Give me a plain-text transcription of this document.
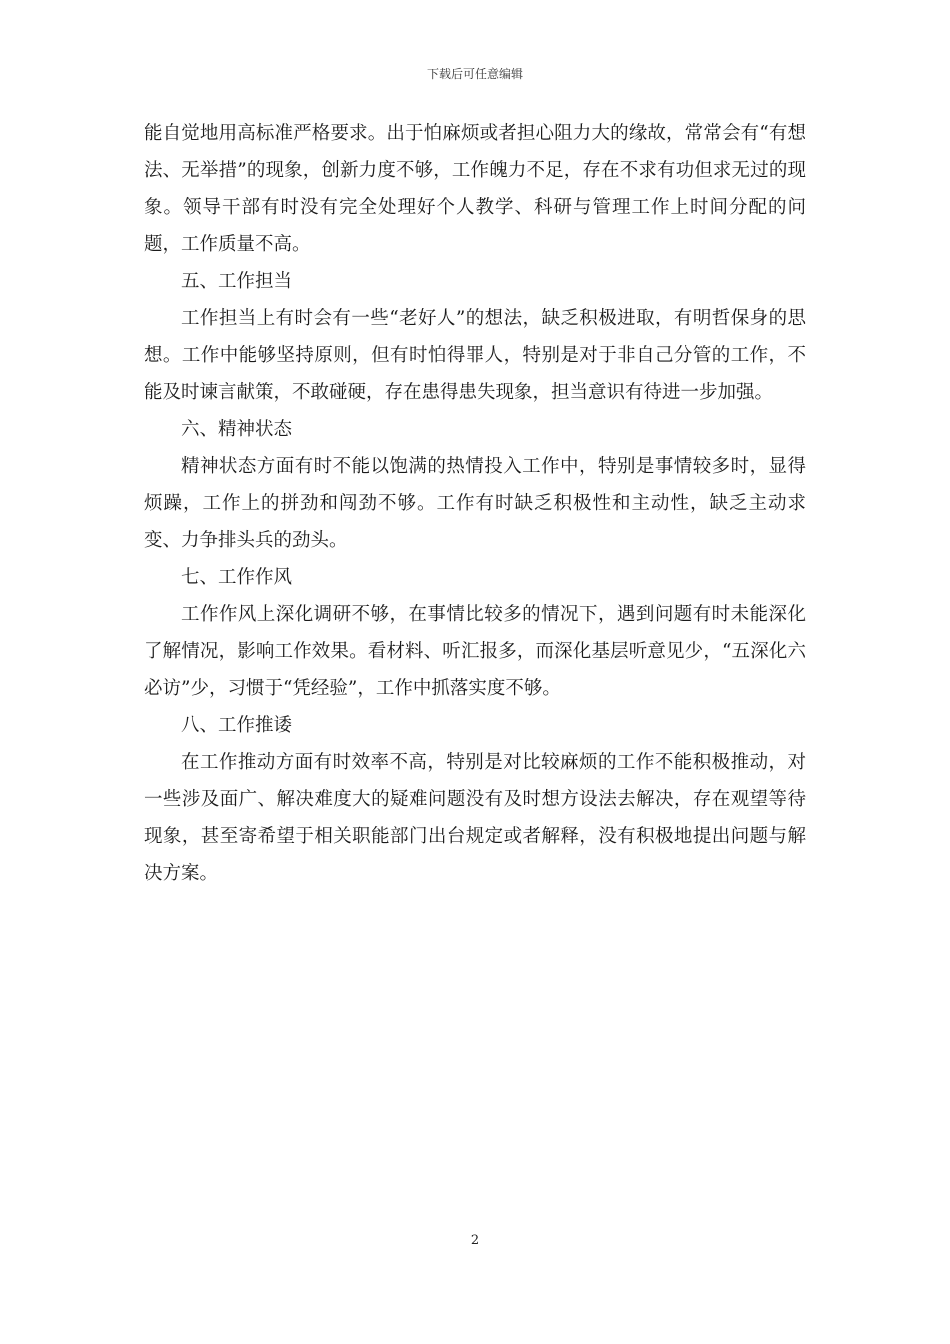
下载后可任意编辑

能自觉地用高标准严格要求。出于怕麻烦或者担心阻力大的缘故，常常会有“有想法、无举措”的现象，创新力度不够，工作魄力不足，存在不求有功但求无过的现象。领导干部有时没有完全处理好个人教学、科研与管理工作上时间分配的问题，工作质量不高。

五、工作担当

工作担当上有时会有一些“老好人”的想法，缺乏积极进取，有明哲保身的思想。工作中能够坚持原则，但有时怕得罪人，特别是对于非自己分管的工作，不能及时谏言献策，不敢碰硬，存在患得患失现象，担当意识有待进一步加强。

六、精神状态

精神状态方面有时不能以饱满的热情投入工作中，特别是事情较多时，显得烦躁，工作上的拼劲和闯劲不够。工作有时缺乏积极性和主动性，缺乏主动求变、力争排头兵的劲头。

七、工作作风

工作作风上深化调研不够，在事情比较多的情况下，遇到问题有时未能深化了解情况，影响工作效果。看材料、听汇报多，而深化基层听意见少，“五深化六必访”少，习惯于“凭经验”，工作中抓落实度不够。

八、工作推诿

在工作推动方面有时效率不高，特别是对比较麻烦的工作不能积极推动，对一些涉及面广、解决难度大的疑难问题没有及时想方设法去解决，存在观望等待现象，甚至寄希望于相关职能部门出台规定或者解释，没有积极地提出问题与解决方案。

2
